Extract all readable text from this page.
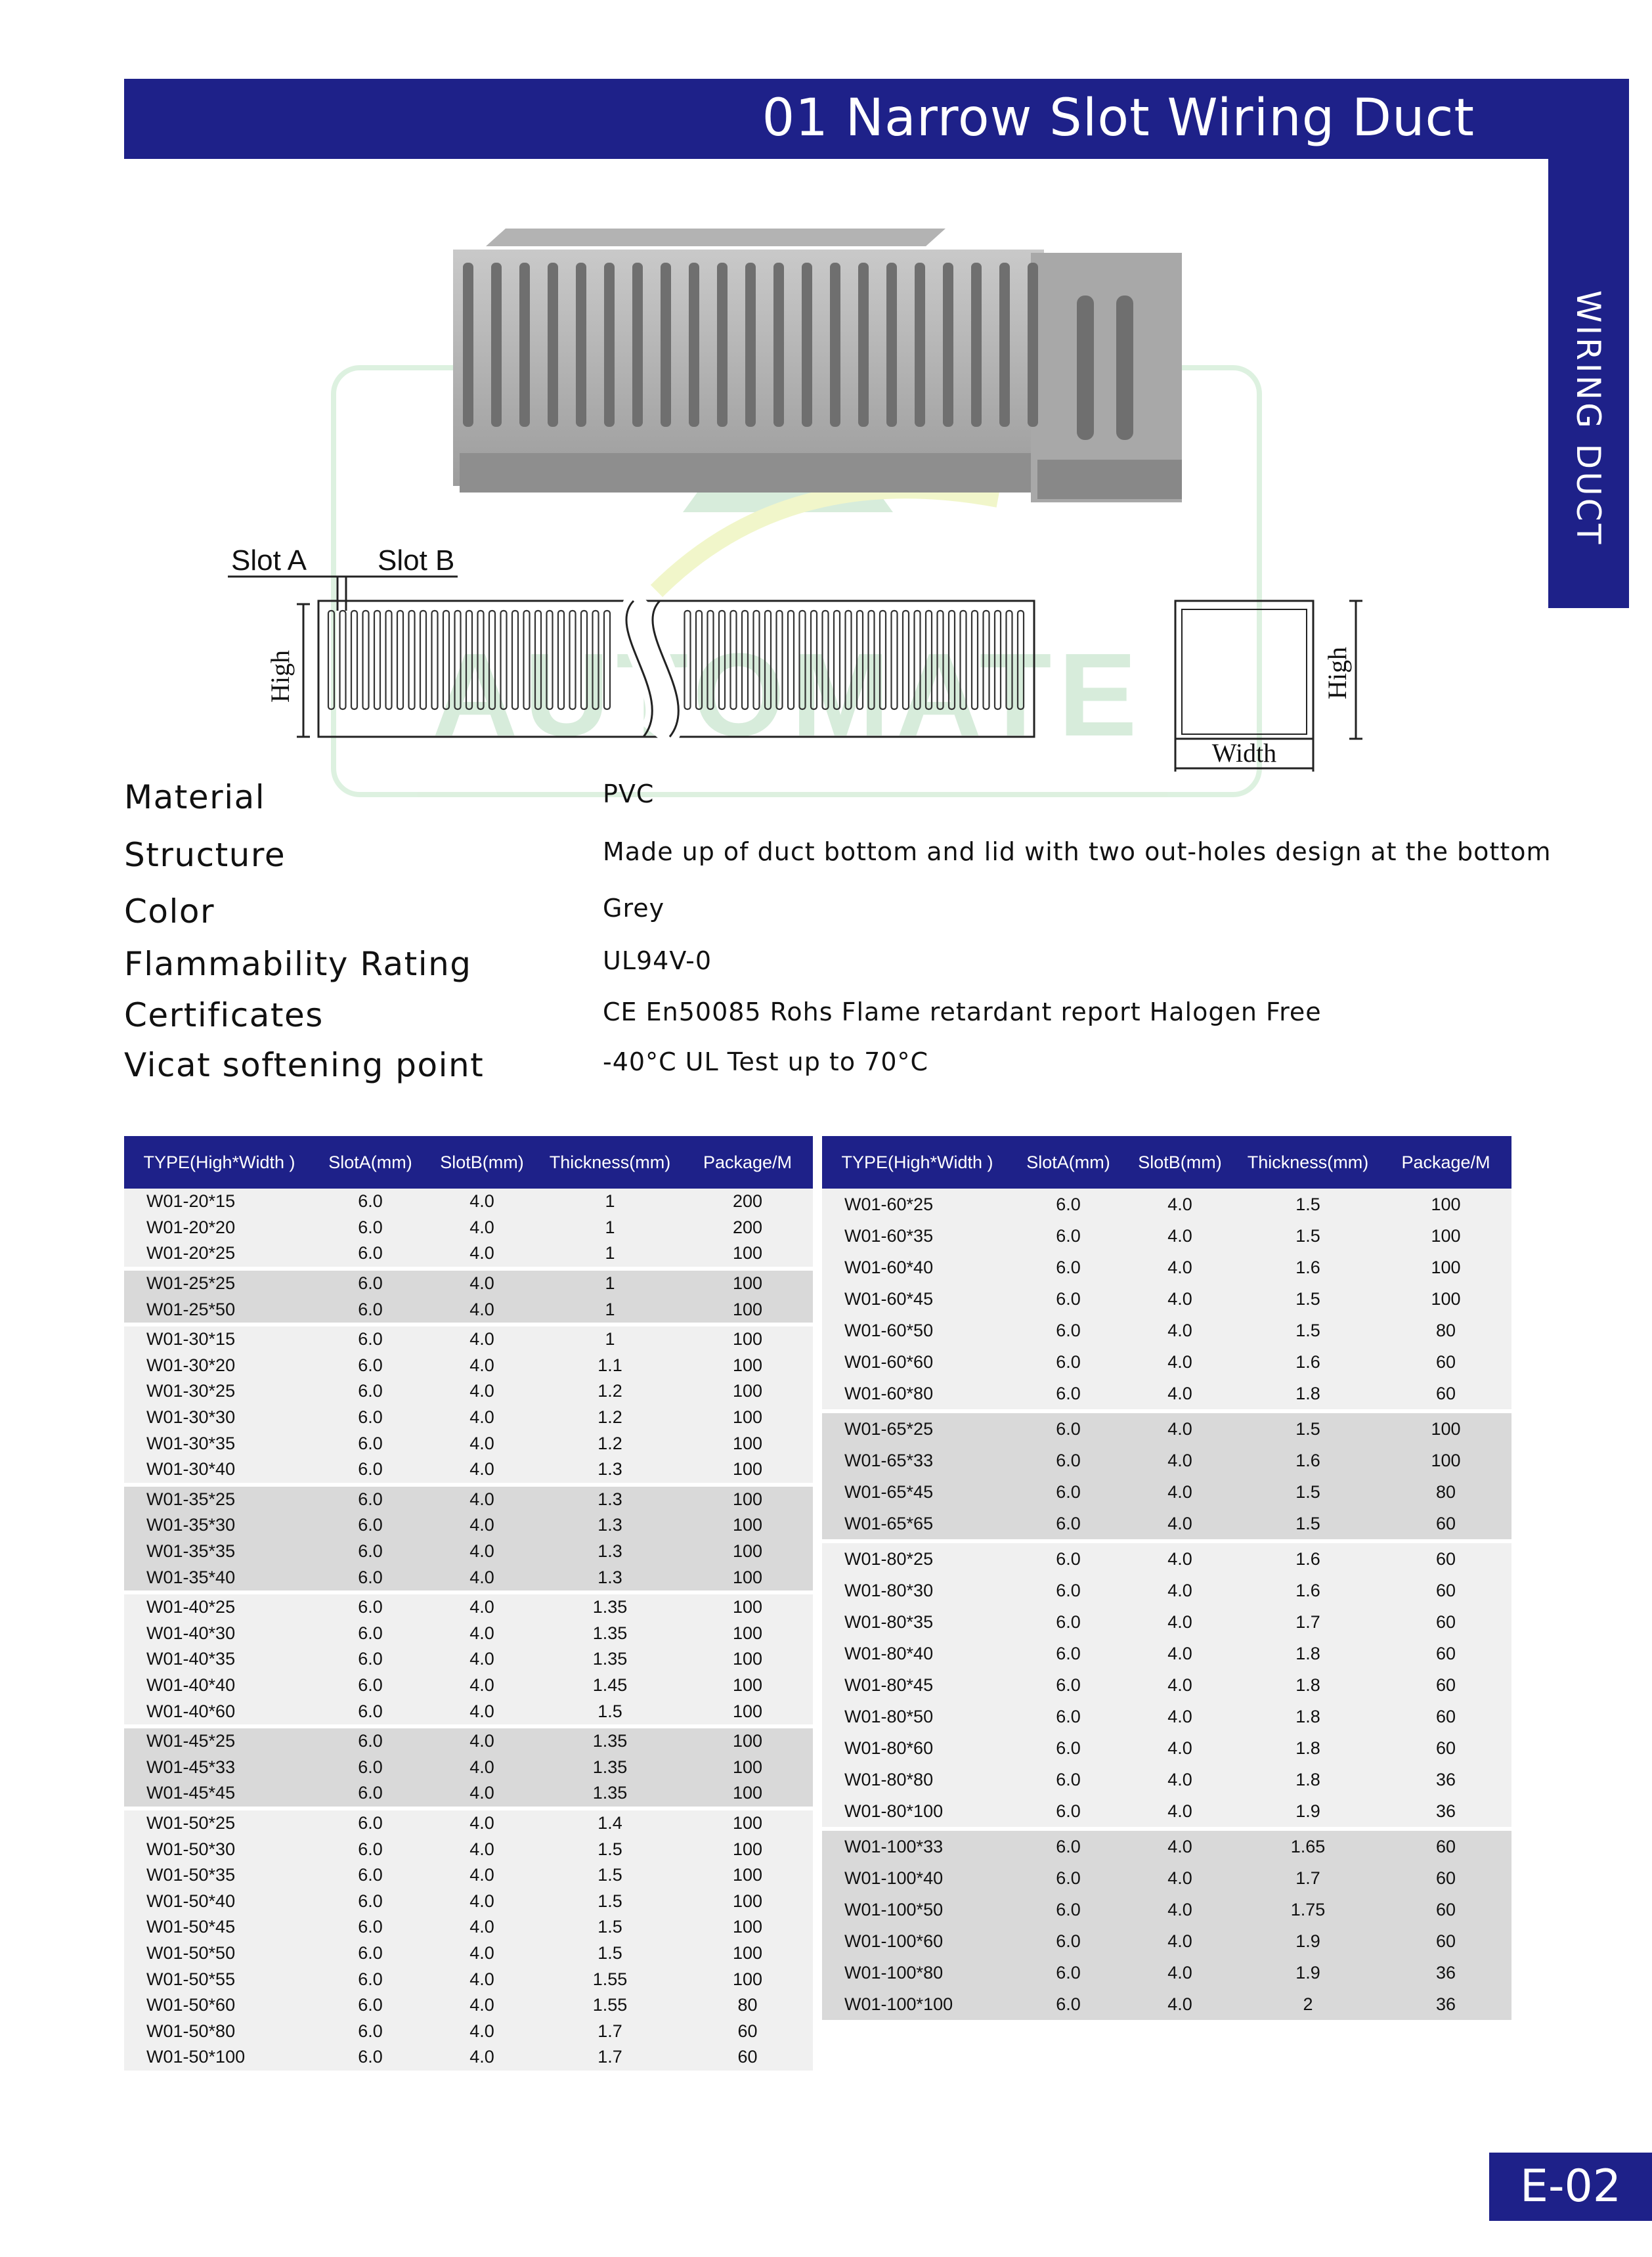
01 Narrow Slot Wiring Duct
WIRING DUCT
AUTOMATE
Slot A Slot B
High
Width
High
Material	PVC
Structure	Made up of duct bottom and lid with two out-holes design at the bottom
Color	Grey
Flammability Rating	UL94V-0
Certificates	CE En50085 Rohs Flame retardant report Halogen Free
Vicat softening point	-40°C UL Test up to 70°C
TYPE(High*Width )	SlotA(mm)	SlotB(mm)	Thickness(mm)	Package/M
W01-20*15	6.0	4.0	1	200
W01-20*20	6.0	4.0	1	200
W01-20*25	6.0	4.0	1	100
W01-25*25	6.0	4.0	1	100
W01-25*50	6.0	4.0	1	100
W01-30*15	6.0	4.0	1	100
W01-30*20	6.0	4.0	1.1	100
W01-30*25	6.0	4.0	1.2	100
W01-30*30	6.0	4.0	1.2	100
W01-30*35	6.0	4.0	1.2	100
W01-30*40	6.0	4.0	1.3	100
W01-35*25	6.0	4.0	1.3	100
W01-35*30	6.0	4.0	1.3	100
W01-35*35	6.0	4.0	1.3	100
W01-35*40	6.0	4.0	1.3	100
W01-40*25	6.0	4.0	1.35	100
W01-40*30	6.0	4.0	1.35	100
W01-40*35	6.0	4.0	1.35	100
W01-40*40	6.0	4.0	1.45	100
W01-40*60	6.0	4.0	1.5	100
W01-45*25	6.0	4.0	1.35	100
W01-45*33	6.0	4.0	1.35	100
W01-45*45	6.0	4.0	1.35	100
W01-50*25	6.0	4.0	1.4	100
W01-50*30	6.0	4.0	1.5	100
W01-50*35	6.0	4.0	1.5	100
W01-50*40	6.0	4.0	1.5	100
W01-50*45	6.0	4.0	1.5	100
W01-50*50	6.0	4.0	1.5	100
W01-50*55	6.0	4.0	1.55	100
W01-50*60	6.0	4.0	1.55	80
W01-50*80	6.0	4.0	1.7	60
W01-50*100	6.0	4.0	1.7	60
TYPE(High*Width )	SlotA(mm)	SlotB(mm)	Thickness(mm)	Package/M
W01-60*25	6.0	4.0	1.5	100
W01-60*35	6.0	4.0	1.5	100
W01-60*40	6.0	4.0	1.6	100
W01-60*45	6.0	4.0	1.5	100
W01-60*50	6.0	4.0	1.5	80
W01-60*60	6.0	4.0	1.6	60
W01-60*80	6.0	4.0	1.8	60
W01-65*25	6.0	4.0	1.5	100
W01-65*33	6.0	4.0	1.6	100
W01-65*45	6.0	4.0	1.5	80
W01-65*65	6.0	4.0	1.5	60
W01-80*25	6.0	4.0	1.6	60
W01-80*30	6.0	4.0	1.6	60
W01-80*35	6.0	4.0	1.7	60
W01-80*40	6.0	4.0	1.8	60
W01-80*45	6.0	4.0	1.8	60
W01-80*50	6.0	4.0	1.8	60
W01-80*60	6.0	4.0	1.8	60
W01-80*80	6.0	4.0	1.8	36
W01-80*100	6.0	4.0	1.9	36
W01-100*33	6.0	4.0	1.65	60
W01-100*40	6.0	4.0	1.7	60
W01-100*50	6.0	4.0	1.75	60
W01-100*60	6.0	4.0	1.9	60
W01-100*80	6.0	4.0	1.9	36
W01-100*100	6.0	4.0	2	36
E-02
